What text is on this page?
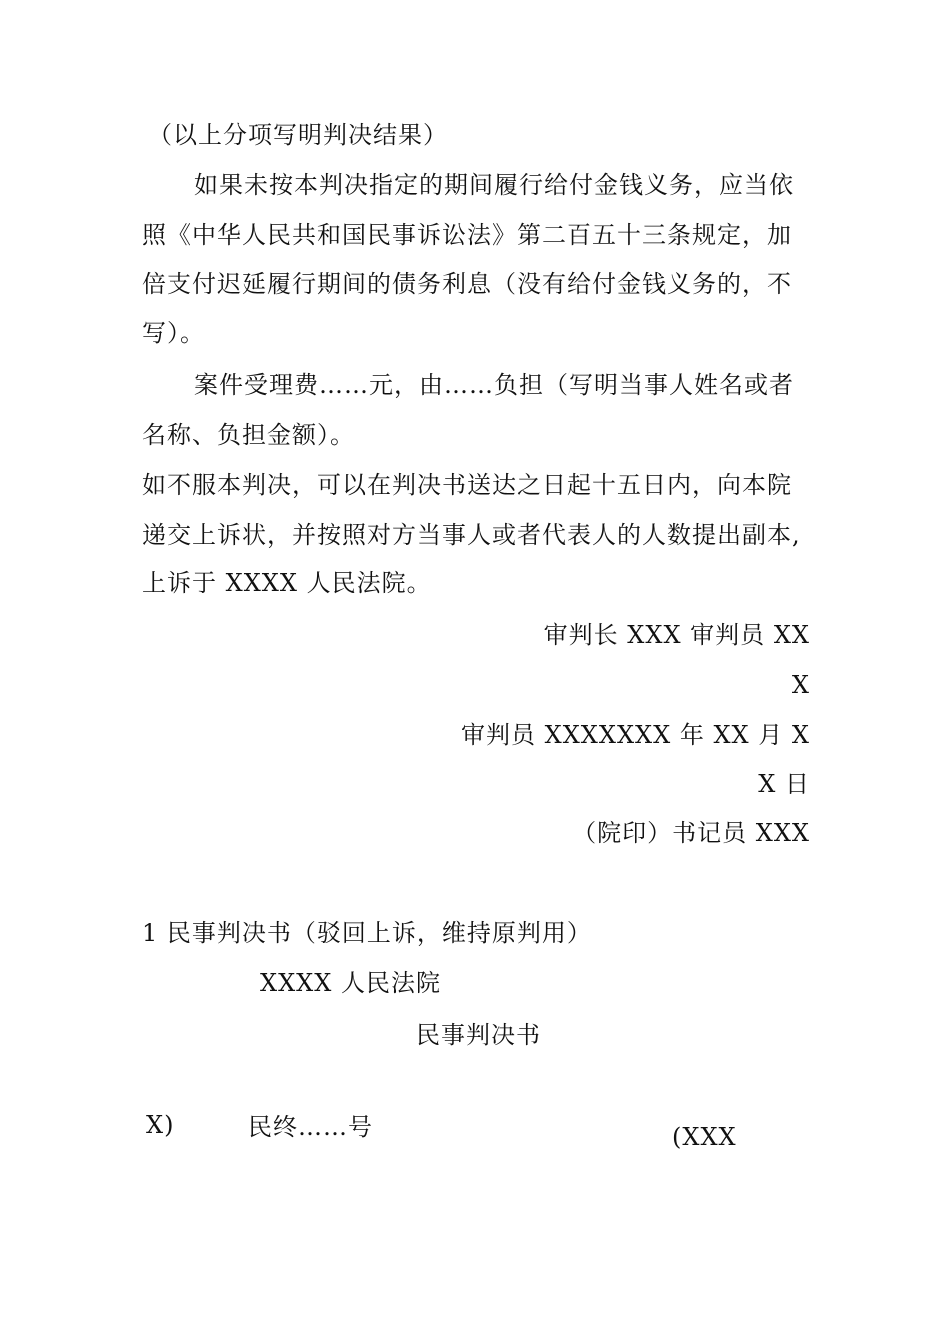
（以上分项写明判决结果）
如果未按本判决指定的期间履行给付金钱义务，应当依
照《中华人民共和国民事诉讼法》第二百五十三条规定，加
倍支付迟延履行期间的债务利息（没有给付金钱义务的，不
写）。
案件受理费……元，由……负担（写明当事人姓名或者
名称、负担金额）。
如不服本判决，可以在判决书送达之日起十五日内，向本院
递交上诉状，并按照对方当事人或者代表人的人数提出副本,
上诉于 XXXX 人民法院。
审判长 XXX 审判员 XX
X
审判员 XXXXXXX 年 XX 月 X
X 日
（院印）书记员 XXX
1 民事判决书（驳回上诉，维持原判用）
XXXX 人民法院
民事判决书
X)	民终……号	(XXX
